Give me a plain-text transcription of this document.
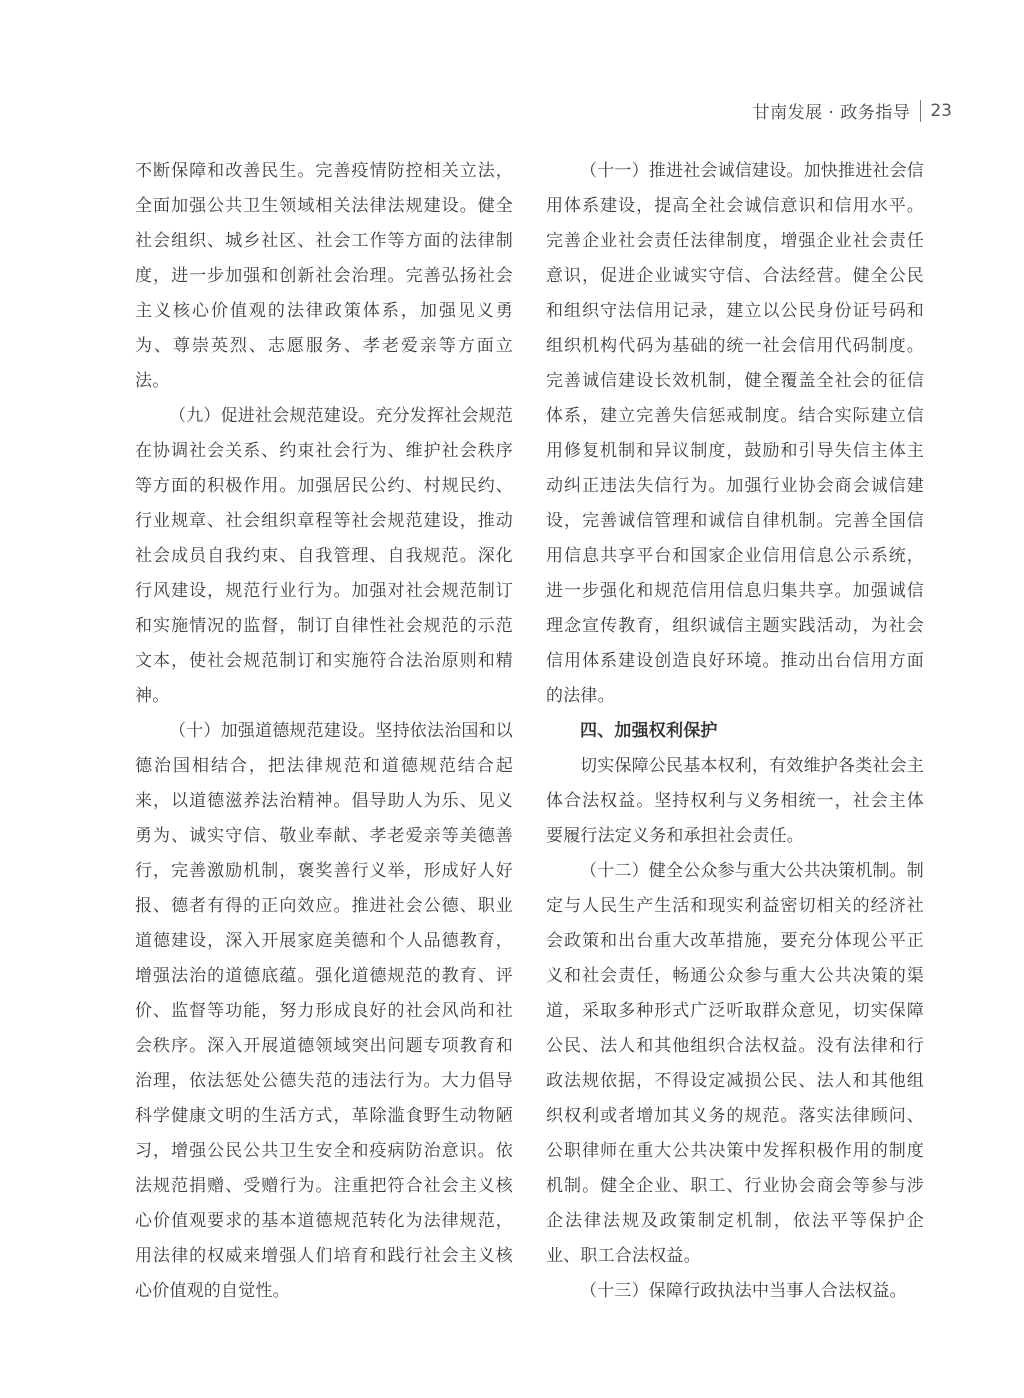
甘南发展 · 政务指导 23

不断保障和改善民生。完善疫情防控相关立法，全面加强公共卫生领域相关法律法规建设。健全社会组织、城乡社区、社会工作等方面的法律制度，进一步加强和创新社会治理。完善弘扬社会主义核心价值观的法律政策体系，加强见义勇为、尊崇英烈、志愿服务、孝老爱亲等方面立法。

（九）促进社会规范建设。充分发挥社会规范在协调社会关系、约束社会行为、维护社会秩序等方面的积极作用。加强居民公约、村规民约、行业规章、社会组织章程等社会规范建设，推动社会成员自我约束、自我管理、自我规范。深化行风建设，规范行业行为。加强对社会规范制订和实施情况的监督，制订自律性社会规范的示范文本，使社会规范制订和实施符合法治原则和精神。

（十）加强道德规范建设。坚持依法治国和以德治国相结合，把法律规范和道德规范结合起来，以道德滋养法治精神。倡导助人为乐、见义勇为、诚实守信、敬业奉献、孝老爱亲等美德善行，完善激励机制，褒奖善行义举，形成好人好报、德者有得的正向效应。推进社会公德、职业道德建设，深入开展家庭美德和个人品德教育，增强法治的道德底蕴。强化道德规范的教育、评价、监督等功能，努力形成良好的社会风尚和社会秩序。深入开展道德领域突出问题专项教育和治理，依法惩处公德失范的违法行为。大力倡导科学健康文明的生活方式，革除滥食野生动物陋习，增强公民公共卫生安全和疫病防治意识。依法规范捐赠、受赠行为。注重把符合社会主义核心价值观要求的基本道德规范转化为法律规范，用法律的权威来增强人们培育和践行社会主义核心价值观的自觉性。

（十一）推进社会诚信建设。加快推进社会信用体系建设，提高全社会诚信意识和信用水平。完善企业社会责任法律制度，增强企业社会责任意识，促进企业诚实守信、合法经营。健全公民和组织守法信用记录，建立以公民身份证号码和组织机构代码为基础的统一社会信用代码制度。完善诚信建设长效机制，健全覆盖全社会的征信体系，建立完善失信惩戒制度。结合实际建立信用修复机制和异议制度，鼓励和引导失信主体主动纠正违法失信行为。加强行业协会商会诚信建设，完善诚信管理和诚信自律机制。完善全国信用信息共享平台和国家企业信用信息公示系统，进一步强化和规范信用信息归集共享。加强诚信理念宣传教育，组织诚信主题实践活动，为社会信用体系建设创造良好环境。推动出台信用方面的法律。

四、加强权利保护

切实保障公民基本权利，有效维护各类社会主体合法权益。坚持权利与义务相统一，社会主体要履行法定义务和承担社会责任。

（十二）健全公众参与重大公共决策机制。制定与人民生产生活和现实利益密切相关的经济社会政策和出台重大改革措施，要充分体现公平正义和社会责任，畅通公众参与重大公共决策的渠道，采取多种形式广泛听取群众意见，切实保障公民、法人和其他组织合法权益。没有法律和行政法规依据，不得设定减损公民、法人和其他组织权利或者增加其义务的规范。落实法律顾问、公职律师在重大公共决策中发挥积极作用的制度机制。健全企业、职工、行业协会商会等参与涉企法律法规及政策制定机制，依法平等保护企业、职工合法权益。

（十三）保障行政执法中当事人合法权益。
